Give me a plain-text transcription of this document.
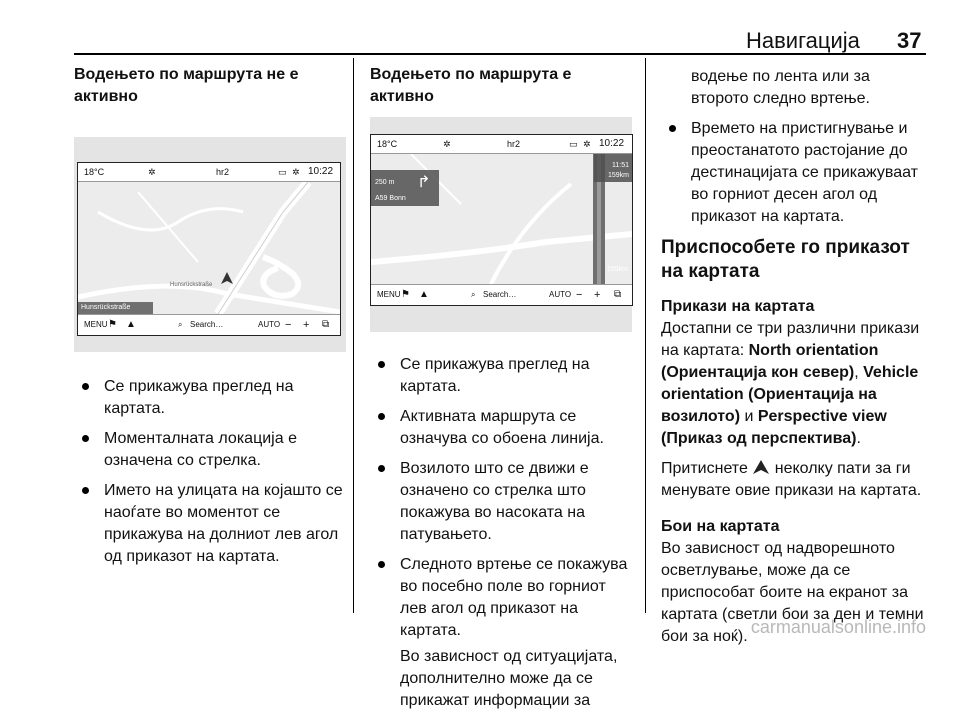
Навигација 37
Водењето по маршрута не е активно
18°C	✲	hr2	▭ ✲ 10:22
Hunsrückstraße
Hunsrückstraße
MENU ⚑ ▲	⌕ Search…	AUTO − + ⧉
Се прикажува преглед на картата.
Моменталната локација е означена со стрелка.
Името на улицата на којашто се наоѓате во моментот се прикажува на долниот лев агол од приказот на картата.
Водењето по маршрута е активно
18°C	✲	hr2	▭ ✲ 10:22
250 m
A59 Bonn
↱
11:51
159km
159km
MENU ⚑ ▲	⌕ Search…	AUTO − + ⧉
Се прикажува преглед на картата.
Активната маршрута се означува со обоена линија.
Возилото што се движи е означено со стрелка што покажува во насоката на патувањето.
Следното вртење се покажува во посебно поле во горниот лев агол од приказот на картата.

Во зависност од ситуацијата, дополнително може да се прикажат информации за

водење по лента или за второто следно вртење.

Времето на пристигнување и преостанатото растојание до дестинацијата се прикажуваат во горниот десен агол од приказот на картата.
Приспособете го приказот на картата
Прикази на картата

Достапни се три различни прикази на картата: North orientation (Ориентација кон север), Vehicle orientation (Ориентација на возилото) и Perspective view (Приказ од перспектива).

Притиснете  неколку пати за ги менувате овие прикази на картата.

Бои на картата

Во зависност од надворешното осветлување, може да се приспособат боите на екранот за картата (светли бои за ден и темни бои за ноќ). carmanualsonline.info
